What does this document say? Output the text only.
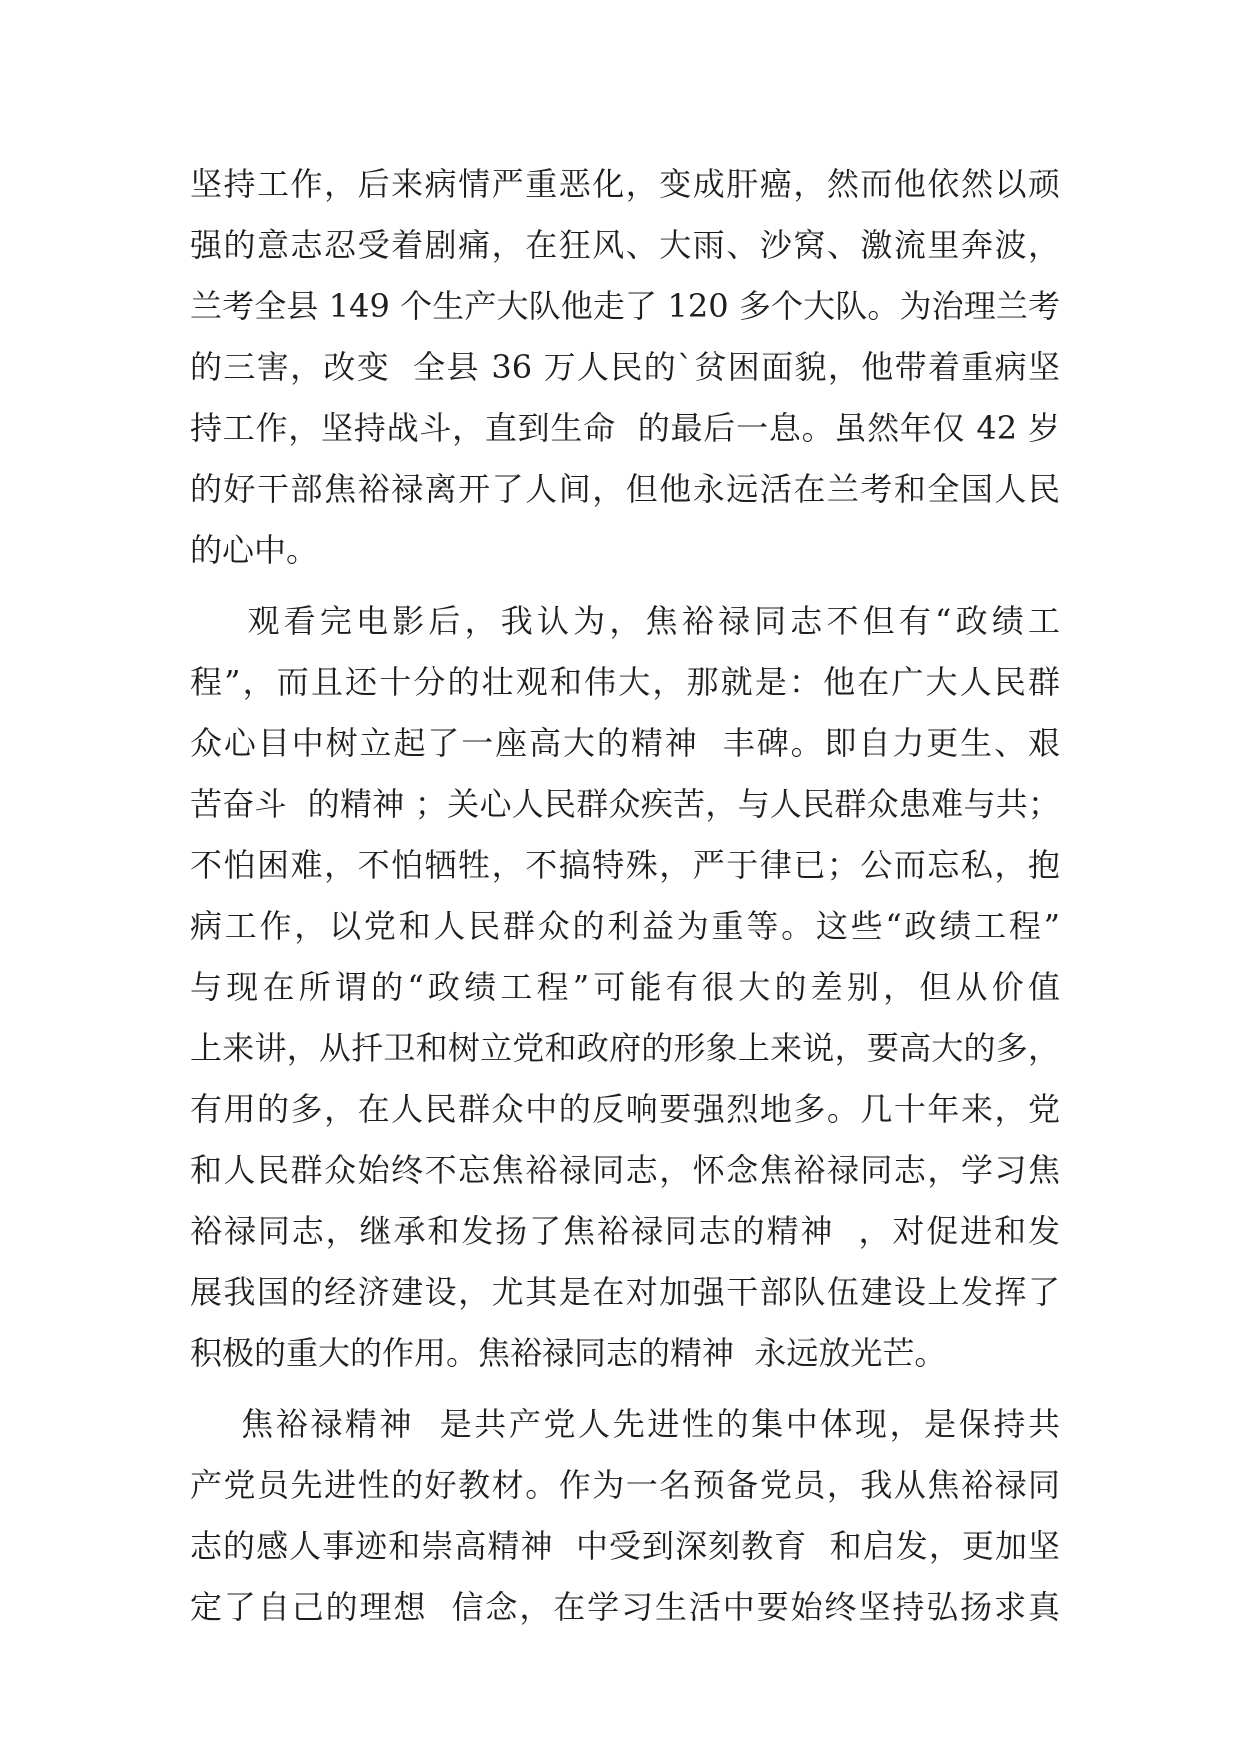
坚持工作，后来病情严重恶化，变成肝癌，然而他依然以顽
强的意志忍受着剧痛，在狂风、大雨、沙窝、激流里奔波，
兰考全县 149 个生产大队他走了 120 多个大队。为治理兰考
的三害，改变  全县 36 万人民的`贫困面貌，他带着重病坚
持工作，坚持战斗，直到生命  的最后一息。虽然年仅 42 岁
的好干部焦裕禄离开了人间，但他永远活在兰考和全国人民
的心中。
观看完电影后，我认为，焦裕禄同志不但有“政绩工
程”，而且还十分的壮观和伟大，那就是：他在广大人民群
众心目中树立起了一座高大的精神  丰碑。即自力更生、艰
苦奋斗  的精神 ；关心人民群众疾苦，与人民群众患难与共；
不怕困难，不怕牺牲，不搞特殊，严于律已；公而忘私，抱
病工作，以党和人民群众的利益为重等。这些“政绩工程”
与现在所谓的“政绩工程”可能有很大的差别，但从价值
上来讲，从扦卫和树立党和政府的形象上来说，要高大的多，
有用的多，在人民群众中的反响要强烈地多。几十年来，党
和人民群众始终不忘焦裕禄同志，怀念焦裕禄同志，学习焦
裕禄同志，继承和发扬了焦裕禄同志的精神  ，对促进和发
展我国的经济建设，尤其是在对加强干部队伍建设上发挥了
积极的重大的作用。焦裕禄同志的精神  永远放光芒。
焦裕禄精神  是共产党人先进性的集中体现，是保持共
产党员先进性的好教材。作为一名预备党员，我从焦裕禄同
志的感人事迹和崇高精神  中受到深刻教育  和启发，更加坚
定了自己的理想  信念，在学习生活中要始终坚持弘扬求真
